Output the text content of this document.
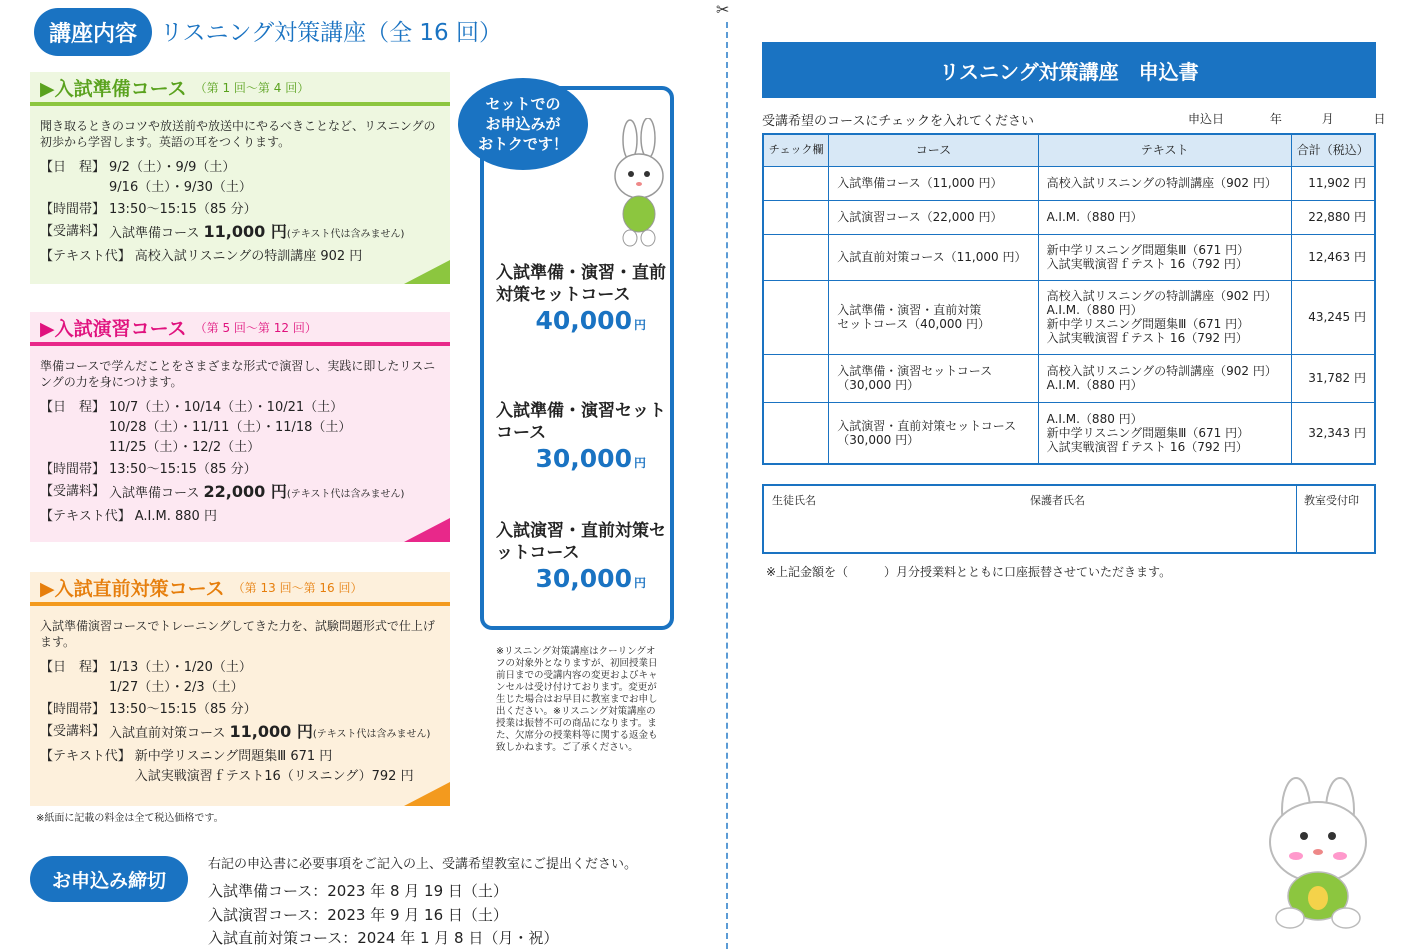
講座内容	リスニング対策講座（全 16 回）
▶入試準備コース （第 1 回〜第 4 回）
聞き取るときのコツや放送前や放送中にやるべきことなど、リスニングの初歩から学習します。英語の耳をつくります。
【日　程】 9/2（土）・9/9（土）
9/16（土）・9/30（土）
【時間帯】 13:50〜15:15（85 分）
【受講料】 入試準備コース 11,000 円(テキスト代は含みません)
【テキスト代】 高校入試リスニングの特訓講座 902 円
▶入試演習コース （第 5 回〜第 12 回）
準備コースで学んだことをさまざまな形式で演習し、実践に即したリスニングの力を身につけます。
【日　程】 10/7（土）・10/14（土）・10/21（土）
10/28（土）・11/11（土）・11/18（土）
11/25（土）・12/2（土）
【時間帯】 13:50〜15:15（85 分）
【受講料】 入試準備コース 22,000 円(テキスト代は含みません)
【テキスト代】 A.I.M. 880 円
▶入試直前対策コース （第 13 回〜第 16 回）
入試準備演習コースでトレーニングしてきた力を、試験問題形式で仕上げます。
【日　程】 1/13（土）・1/20（土）
1/27（土）・2/3（土）
【時間帯】 13:50〜15:15（85 分）
【受講料】 入試直前対策コース 11,000 円(テキスト代は含みません)
【テキスト代】 新中学リスニング問題集Ⅲ 671 円
入試実戦演習ｆテスト16（リスニング）792 円
※紙面に記載の料金は全て税込価格です。
セットでの
お申込みが
おトクです！
入試準備・演習・直前対策セットコース
40,000 円
入試準備・演習セットコース
30,000 円
入試演習・直前対策セットコース
30,000 円
※リスニング対策講座はクーリングオフの対象外となりますが、初回授業日前日までの受講内容の変更およびキャンセルは受け付けております。変更が生じた場合はお早目に教室までお申し出ください。※リスニング対策講座の授業は振替不可の商品になります。また、欠席分の授業料等に関する返金も致しかねます。ご了承ください。
お申込み締切
右記の申込書に必要事項をご記入の上、受講希望教室にご提出ください。
入試準備コース：2023 年 8 月 19 日（土）
入試演習コース：2023 年 9 月 16 日（土）
入試直前対策コース：2024 年 1 月 8 日（月・祝）
✂
リスニング対策講座　申込書
受講希望のコースにチェックを入れてください	申込日	年	月	日
チェック欄	コース	テキスト	合計（税込）
	入試準備コース（11,000 円）	高校入試リスニングの特訓講座（902 円）	11,902 円
	入試演習コース（22,000 円）	A.I.M.（880 円）	22,880 円
	入試直前対策コース（11,000 円）	新中学リスニング問題集Ⅲ（671 円）
入試実戦演習ｆテスト 16（792 円）	12,463 円
	入試準備・演習・直前対策
セットコース（40,000 円）	高校入試リスニングの特訓講座（902 円）
A.I.M.（880 円）
新中学リスニング問題集Ⅲ（671 円）
入試実戦演習ｆテスト 16（792 円）	43,245 円
	入試準備・演習セットコース
（30,000 円）	高校入試リスニングの特訓講座（902 円）
A.I.M.（880 円）	31,782 円
	入試演習・直前対策セットコース
（30,000 円）	A.I.M.（880 円）
新中学リスニング問題集Ⅲ（671 円）
入試実戦演習ｆテスト 16（792 円）	32,343 円
生徒氏名	保護者氏名	教室受付印
※上記金額を（　　　）月分授業料とともに口座振替させていただきます。
